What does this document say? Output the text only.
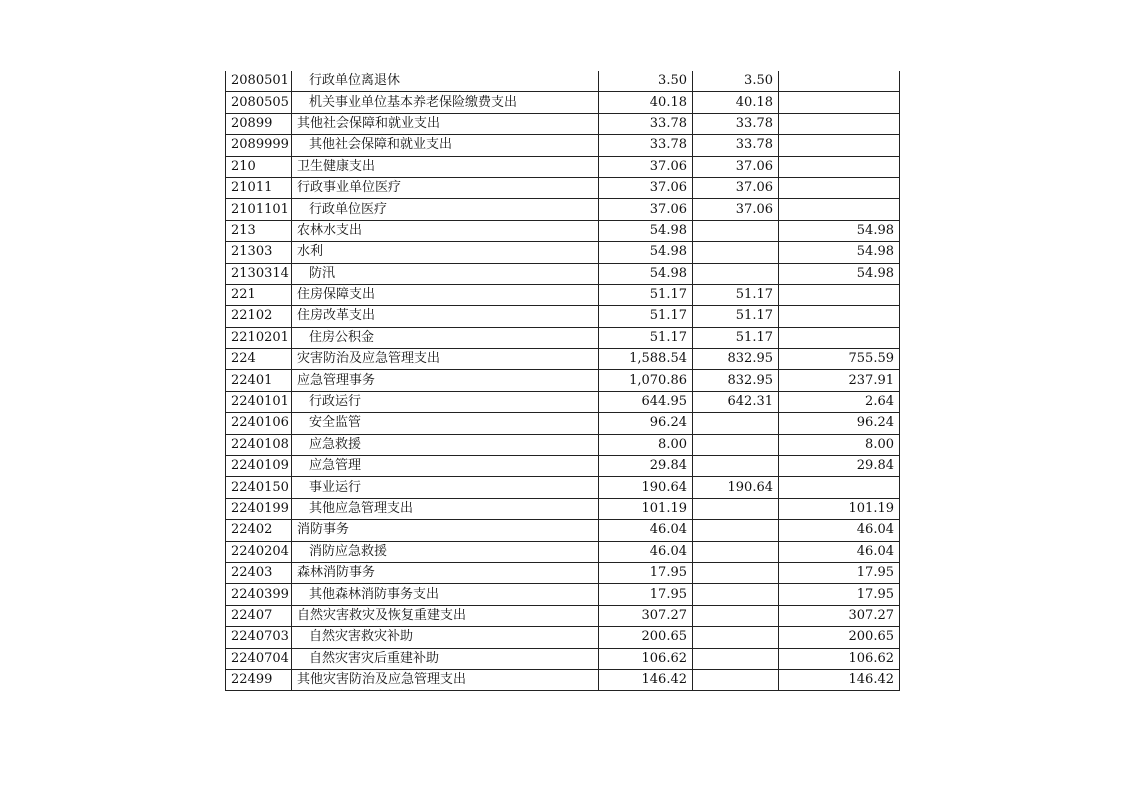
2080501	行政单位离退休	3.50	3.50	
2080505	机关事业单位基本养老保险缴费支出	40.18	40.18	
20899	其他社会保障和就业支出	33.78	33.78	
2089999	其他社会保障和就业支出	33.78	33.78	
210	卫生健康支出	37.06	37.06	
21011	行政事业单位医疗	37.06	37.06	
2101101	行政单位医疗	37.06	37.06	
213	农林水支出	54.98		54.98
21303	水利	54.98		54.98
2130314	防汛	54.98		54.98
221	住房保障支出	51.17	51.17	
22102	住房改革支出	51.17	51.17	
2210201	住房公积金	51.17	51.17	
224	灾害防治及应急管理支出	1,588.54	832.95	755.59
22401	应急管理事务	1,070.86	832.95	237.91
2240101	行政运行	644.95	642.31	2.64
2240106	安全监管	96.24		96.24
2240108	应急救援	8.00		8.00
2240109	应急管理	29.84		29.84
2240150	事业运行	190.64	190.64	
2240199	其他应急管理支出	101.19		101.19
22402	消防事务	46.04		46.04
2240204	消防应急救援	46.04		46.04
22403	森林消防事务	17.95		17.95
2240399	其他森林消防事务支出	17.95		17.95
22407	自然灾害救灾及恢复重建支出	307.27		307.27
2240703	自然灾害救灾补助	200.65		200.65
2240704	自然灾害灾后重建补助	106.62		106.62
22499	其他灾害防治及应急管理支出	146.42		146.42
